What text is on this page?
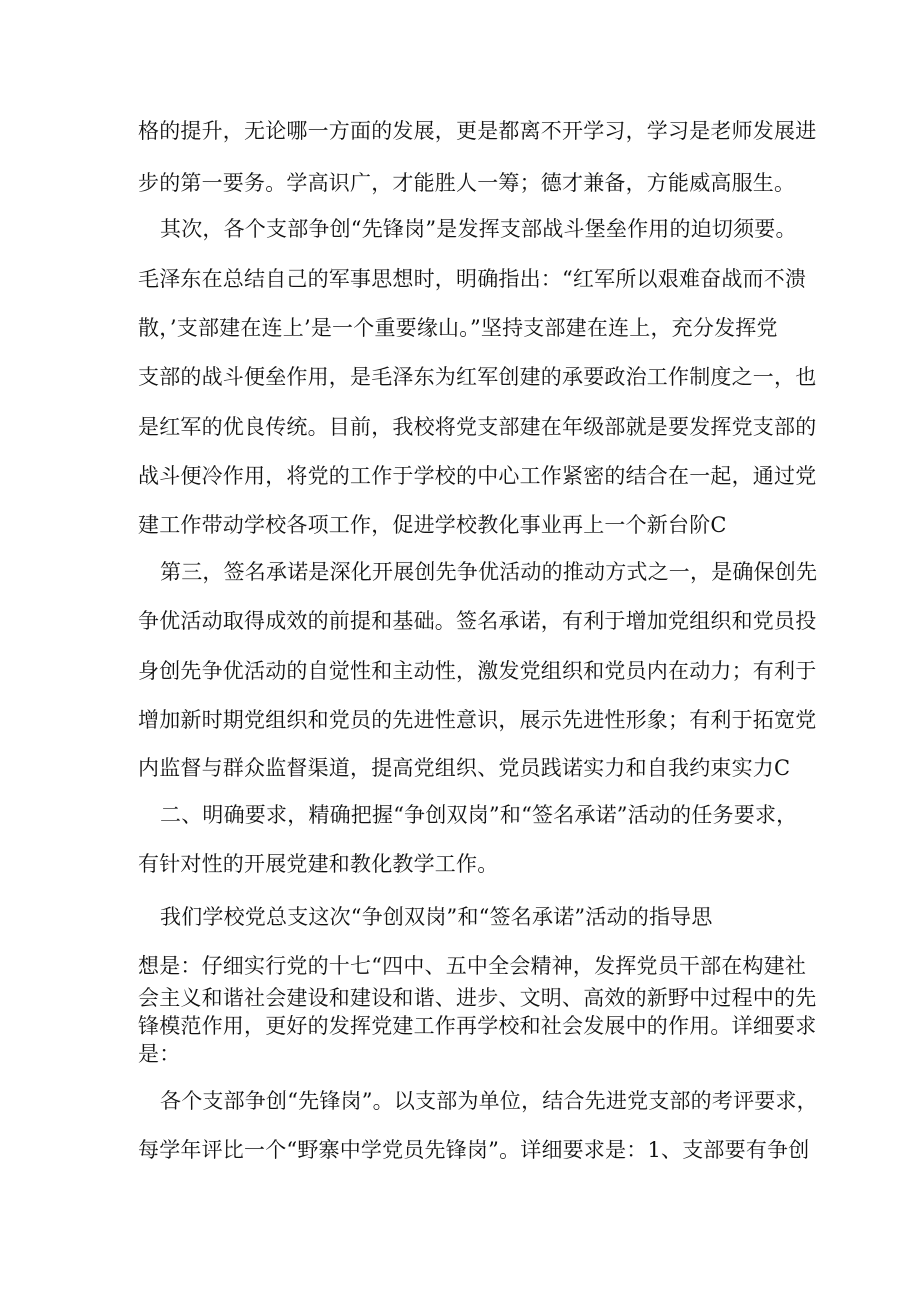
格的提升，无论哪一方面的发展，更是都离不开学习，学习是老师发展进
步的第一要务。学高识广，才能胜人一筹；德才兼备，方能威高服生。
其次，各个支部争创“先锋岗”是发挥支部战斗堡垒作用的迫切须要。
毛泽东在总结自己的军事思想时，明确指出：“红军所以艰难奋战而不溃
散，’支部建在连上’是一个重要缘山。”坚持支部建在连上，充分发挥党
支部的战斗便垒作用，是毛泽东为红军创建的承要政治工作制度之一，也
是红军的优良传统。目前，我校将党支部建在年级部就是要发挥党支部的
战斗便冷作用，将党的工作于学校的中心工作紧密的结合在一起，通过党
建工作带动学校各项工作，促进学校教化事业再上一个新台阶C
第三，签名承诺是深化开展创先争优活动的推动方式之一，是确保创先
争优活动取得成效的前提和基础。签名承诺，有利于增加党组织和党员投
身创先争优活动的自觉性和主动性，激发党组织和党员内在动力；有利于
增加新时期党组织和党员的先进性意识，展示先进性形象；有利于拓宽党
内监督与群众监督渠道，提高党组织、党员践诺实力和自我约束实力C
二、明确要求，精确把握“争创双岗”和“签名承诺”活动的任务要求，
有针对性的开展党建和教化教学工作。
我们学校党总支这次“争创双岗”和“签名承诺”活动的指导思
想是：仔细实行党的十七“四中、五中全会精神，发挥党员干部在构建社
会主义和谐社会建设和建设和谐、进步、文明、高效的新野中过程中的先
锋模范作用，更好的发挥党建工作再学校和社会发展中的作用。详细要求
是：
各个支部争创“先锋岗”。以支部为单位，结合先进党支部的考评要求，
每学年评比一个“野寨中学党员先锋岗”。详细要求是：1、支部要有争创
